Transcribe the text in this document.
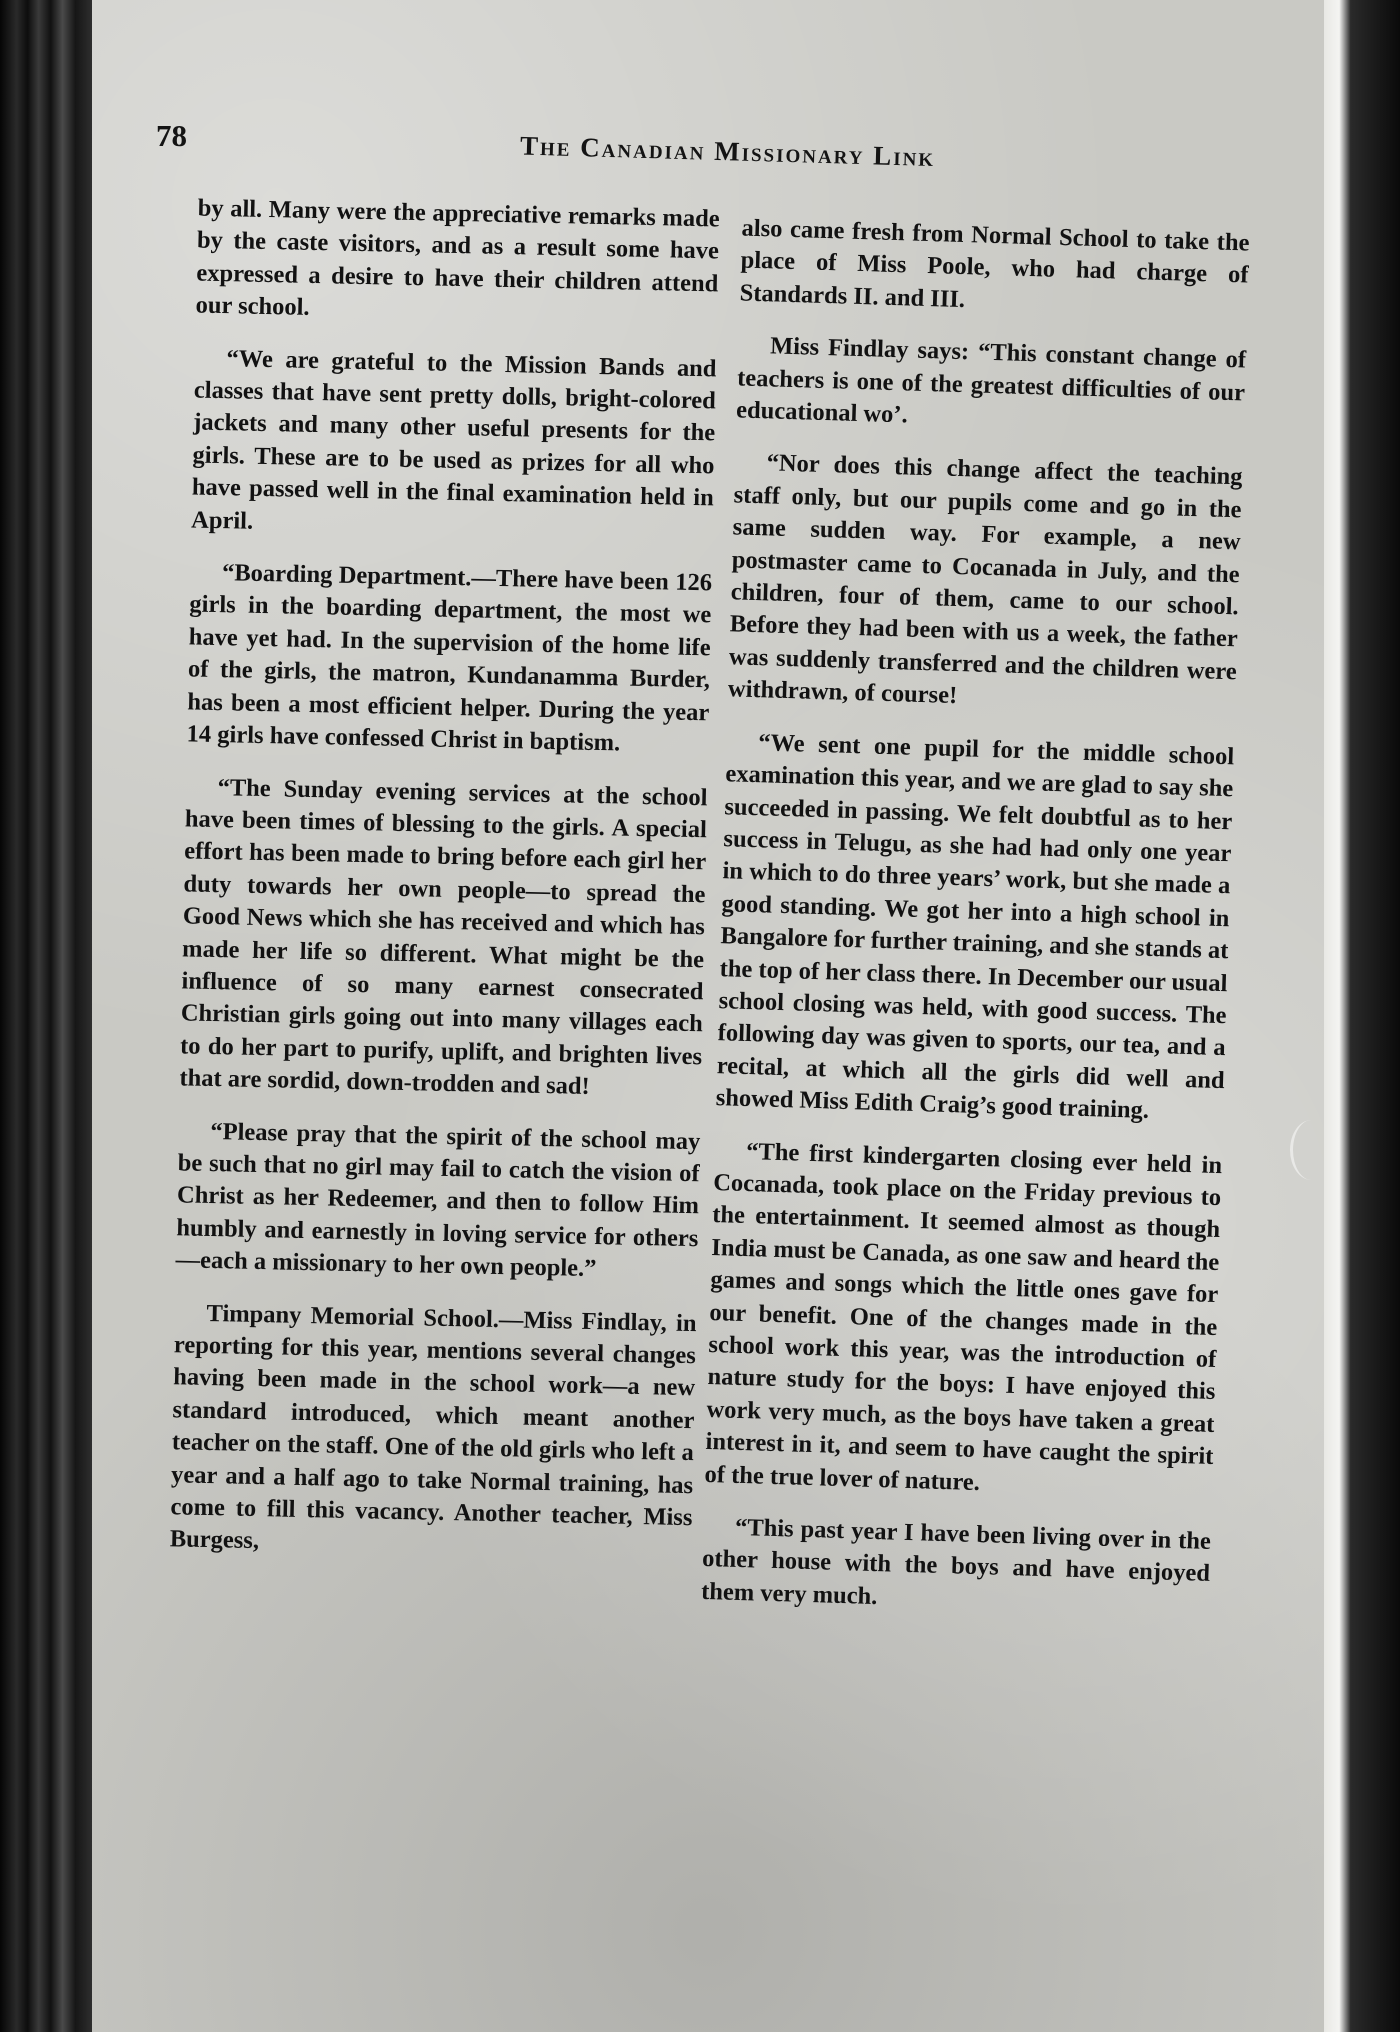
78	The Canadian Missionary Link

by all. Many were the appreciative remarks made by the caste visitors, and as a result some have expressed a desire to have their children attend our school.

“We are grateful to the Mission Bands and classes that have sent pretty dolls, bright-colored jackets and many other useful presents for the girls. These are to be used as prizes for all who have passed well in the final examination held in April.

“Boarding Department.—There have been 126 girls in the boarding department, the most we have yet had. In the supervision of the home life of the girls, the matron, Kundanamma Burder, has been a most efficient helper. During the year 14 girls have confessed Christ in baptism.

“The Sunday evening services at the school have been times of blessing to the girls. A special effort has been made to bring before each girl her duty towards her own people—to spread the Good News which she has received and which has made her life so different. What might be the influence of so many earnest consecrated Christian girls going out into many villages each to do her part to purify, uplift, and brighten lives that are sordid, down-trodden and sad!

“Please pray that the spirit of the school may be such that no girl may fail to catch the vision of Christ as her Redeemer, and then to follow Him humbly and earnestly in loving service for others—each a missionary to her own people.”

Timpany Memorial School.—Miss Findlay, in reporting for this year, mentions several changes having been made in the school work—a new standard introduced, which meant another teacher on the staff. One of the old girls who left a year and a half ago to take Normal training, has come to fill this vacancy. Another teacher, Miss Burgess,

also came fresh from Normal School to take the place of Miss Poole, who had charge of Standards II. and III.

Miss Findlay says: “This constant change of teachers is one of the greatest difficulties of our educational wo’.

“Nor does this change affect the teaching staff only, but our pupils come and go in the same sudden way. For example, a new postmaster came to Cocanada in July, and the children, four of them, came to our school. Before they had been with us a week, the father was suddenly transferred and the children were withdrawn, of course!

“We sent one pupil for the middle school examination this year, and we are glad to say she succeeded in passing. We felt doubtful as to her success in Telugu, as she had had only one year in which to do three years’ work, but she made a good standing. We got her into a high school in Bangalore for further training, and she stands at the top of her class there. In December our usual school closing was held, with good success. The following day was given to sports, our tea, and a recital, at which all the girls did well and showed Miss Edith Craig’s good training.

“The first kindergarten closing ever held in Cocanada, took place on the Friday previous to the entertainment. It seemed almost as though India must be Canada, as one saw and heard the games and songs which the little ones gave for our benefit. One of the changes made in the school work this year, was the introduction of nature study for the boys: I have enjoyed this work very much, as the boys have taken a great interest in it, and seem to have caught the spirit of the true lover of nature.

“This past year I have been living over in the other house with the boys and have enjoyed them very much.
